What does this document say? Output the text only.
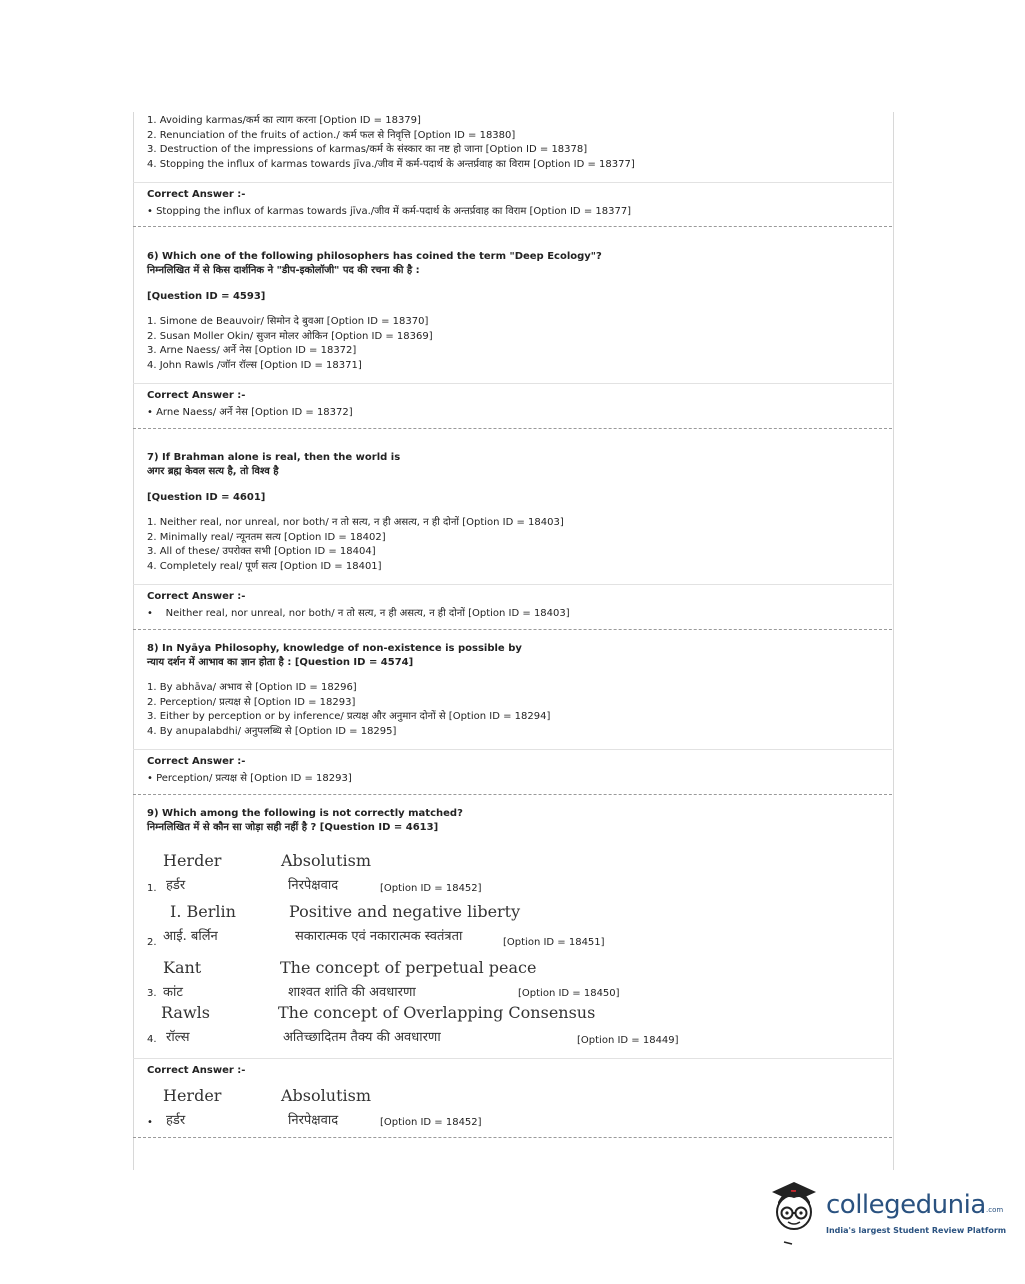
1. Avoiding karmas/कर्म का त्याग करना [Option ID = 18379]
2. Renunciation of the fruits of action./ कर्म फल से निवृत्ति [Option ID = 18380]
3. Destruction of the impressions of karmas/कर्म के संस्कार का नष्ट हो जाना [Option ID = 18378]
4. Stopping the influx of karmas towards jīva./जीव में कर्म-पदार्थ के अन्तर्प्रवाह का विराम [Option ID = 18377]
Correct Answer :-
• Stopping the influx of karmas towards jīva./जीव में कर्म-पदार्थ के अन्तर्प्रवाह का विराम [Option ID = 18377]
6) Which one of the following philosophers has coined the term "Deep Ecology"?
निम्नलिखित में से किस दार्शनिक ने "डीप-इकोलॉजी" पद की रचना की है :
[Question ID = 4593]
1. Simone de Beauvoir/ सिमोन दे बुवआ [Option ID = 18370]
2. Susan Moller Okin/ सुजन मोलर ओकिन [Option ID = 18369]
3. Arne Naess/ अर्ने नेस [Option ID = 18372]
4. John Rawls /जॉन रॉल्स [Option ID = 18371]
Correct Answer :-
• Arne Naess/ अर्ने नेस [Option ID = 18372]
7) If Brahman alone is real, then the world is
अगर ब्रह्म केवल सत्य है, तो विश्व है
[Question ID = 4601]
1. Neither real, nor unreal, nor both/ न तो सत्य, न ही असत्य, न ही दोनों [Option ID = 18403]
2. Minimally real/ न्यूनतम सत्य [Option ID = 18402]
3. All of these/ उपरोक्त सभी [Option ID = 18404]
4. Completely real/ पूर्ण सत्य [Option ID = 18401]
Correct Answer :-
•    Neither real, nor unreal, nor both/ न तो सत्य, न ही असत्य, न ही दोनों [Option ID = 18403]
8) In Nyāya Philosophy, knowledge of non-existence is possible by
न्याय दर्शन में आभाव का ज्ञान होता है : [Question ID = 4574]
1. By abhāva/ अभाव से [Option ID = 18296]
2. Perception/ प्रत्यक्ष से [Option ID = 18293]
3. Either by perception or by inference/ प्रत्यक्ष और अनुमान दोनों से [Option ID = 18294]
4. By anupalabdhi/ अनुपलब्धि से [Option ID = 18295]
Correct Answer :-
• Perception/ प्रत्यक्ष से [Option ID = 18293]
9) Which among the following is not correctly matched?
निम्नलिखित में से कौन सा जोड़ा सही नहीं है ? [Question ID = 4613]
Herder	Absolutism
1. हर्डर	निरपेक्षवाद	[Option ID = 18452]
I. Berlin	Positive and negative liberty
2. आई. बर्लिन	सकारात्मक एवं नकारात्मक स्वतंत्रता	[Option ID = 18451]
Kant	The concept of perpetual peace
3. कांट	शाश्वत शांति की अवधारणा	[Option ID = 18450]
Rawls	The concept of Overlapping Consensus
4. रॉल्स	अतिच्छादितम तैक्य की अवधारणा	[Option ID = 18449]
Correct Answer :-
Herder	Absolutism
• हर्डर	निरपेक्षवाद	[Option ID = 18452]
collegedunia .com
India's largest Student Review Platform
